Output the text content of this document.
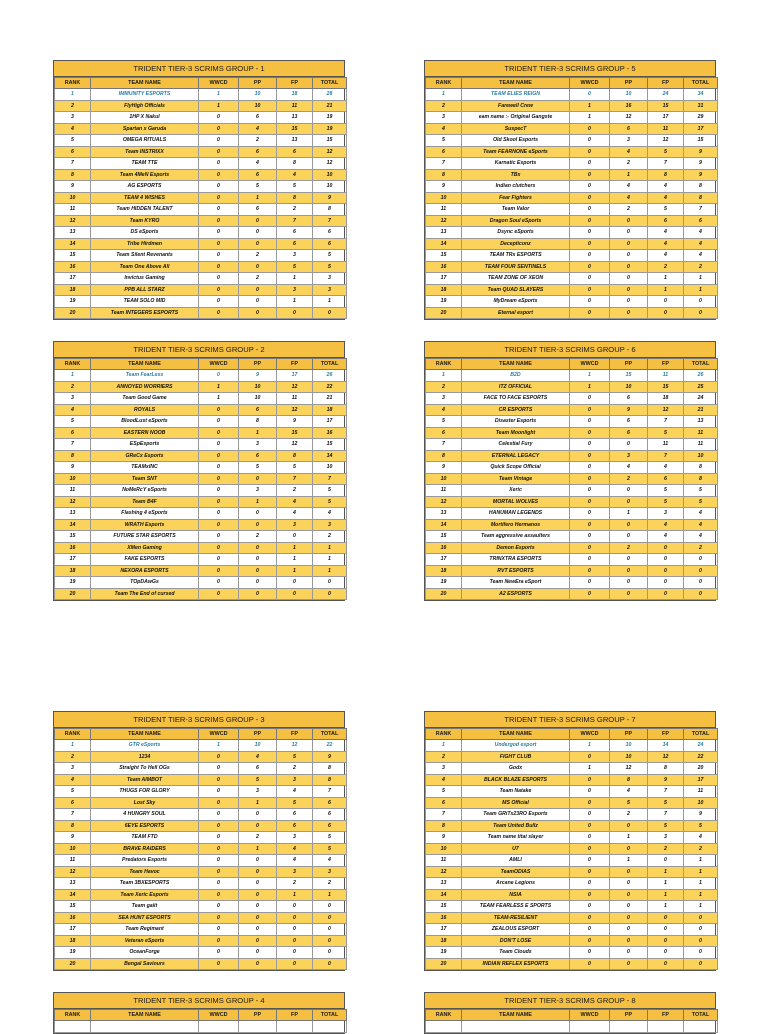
TRIDENT TIER-3 SCRIMS GROUP - 1
RANK	TEAM NAME	WWCD	PP	FP	TOTAL
1	IMMUNITY ESPORTS	1	10	18	28
2	FlyHigh Officials	1	10	11	21
3	1HP X Nakul	0	6	13	19
4	Spartan x Garuda	0	4	15	19
5	OMEGA RITUALS	0	2	13	15
6	Team INSTRIXX	0	6	6	12
7	TEAM TTE	0	4	8	12
8	Team 4MeN Esports	0	6	4	10
9	AG ESPORTS	0	5	5	10
10	TEAM 4 WISHES	0	1	8	9
11	Team HIDDEN TALENT	0	6	2	8
12	Team KYRO	0	0	7	7
13	DS eSports	0	0	6	6
14	Tribe Hirdmen	0	0	6	6
15	Team Silent Revenants	0	2	3	5
16	Team One Above All	0	0	5	5
17	Invictus Gaming	0	2	1	3
18	PPB ALL STARZ	0	0	3	3
19	TEAM SOLO MID	0	0	1	1
20	Team INTEGERS ESPORTS	0	0	0	0
TRIDENT TIER-3 SCRIMS GROUP - 5
RANK	TEAM NAME	WWCD	PP	FP	TOTAL
1	TEAM ELIES REIGN	0	10	24	34
2	Farewell Crew	1	16	15	31
3	eam name :- Original Gangste	1	12	17	29
4	SuspecT	0	6	11	17
5	Old Skool Esports	0	3	12	15
6	Team FEARNONE eSports	0	4	5	9
7	Karnatic Esports	0	2	7	9
8	TBx	0	1	8	9
9	Indian clutchers	0	4	4	8
10	Fear Fighters	0	4	4	8
11	Team Valor	0	2	5	7
12	Dragon Soul eSports	0	0	6	6
13	Dsync eSports	0	0	4	4
14	Decepticonz	0	0	4	4
15	TEAM TRx ESPORTS	0	0	4	4
16	TEAM FOUR SENTINELS	0	0	2	2
17	TEAM ZONE OF XEON	0	0	1	1
18	Team QUAD SLAYERS	0	0	1	1
19	MyDream eSports	0	0	0	0
20	Eternal esport	0	0	0	0
TRIDENT TIER-3 SCRIMS GROUP - 2
RANK	TEAM NAME	WWCD	PP	FP	TOTAL
1	Team FearLess	0	9	17	26
2	ANNOYED WORRIERS	1	10	12	22
3	Team Good Game	1	10	11	21
4	ROYALS	0	6	12	18
5	BloodLust eSports	0	8	9	17
6	EASTERN NOOB	0	1	15	16
7	ESpEsports	0	3	12	15
8	GReCx Esports	0	6	8	14
9	TEAMxINC	0	5	5	10
10	Team SNT	0	0	7	7
11	NoMeRcY eSports	0	3	2	5
12	Team B4F	0	1	4	5
13	Flashing 4 eSports	0	0	4	4
14	WRATH Esports	0	0	3	3
15	FUTURE STAR ESPORTS	0	2	0	2
16	XMen Gaming	0	0	1	1
17	FAKE ESPORTS	0	0	1	1
18	NEXORA ESPORTS	0	0	1	1
19	TOpDAwGs	0	0	0	0
20	Team The End of cursed	0	0	0	0
TRIDENT TIER-3 SCRIMS GROUP - 6
RANK	TEAM NAME	WWCD	PP	FP	TOTAL
1	B2D	1	15	11	26
2	ITZ OFFICIAL	1	10	15	25
3	FACE TO FACE ESPORTS	0	6	18	24
4	CR ESPORTS	0	9	12	21
5	Disaster Esports	0	6	7	13
6	Team Moonlight	0	6	5	11
7	Celestial Fury	0	0	11	11
8	ETERNAL LEGACY	0	3	7	10
9	Quick Scope Official	0	4	4	8
10	Team Vintage	0	2	6	8
11	Xeric	0	0	5	5
12	MORTAL WOLVES	0	0	5	5
13	HANUMAN LEGENDS	0	1	3	4
14	Mortifero Hermanos	0	0	4	4
15	Team aggressive assaulters	0	0	4	4
16	Demon Esports	0	2	0	2
17	TRINXTRA ESPORTS	0	0	0	0
18	RVT ESPORTS	0	0	0	0
19	Team NewEra eSport	0	0	0	0
20	A2 ESPORTS	0	0	0	0
TRIDENT TIER-3 SCRIMS GROUP - 3
RANK	TEAM NAME	WWCD	PP	FP	TOTAL
1	GTR eSports	1	10	12	22
2	1234	0	4	5	9
3	Straight To Hell OGs	0	6	2	8
4	Team AIMBOT	0	5	3	8
5	THUGS FOR GLORY	0	3	4	7
6	Lost Sky	0	1	5	6
7	4 HUNGRY SOUL	0	0	6	6
8	6EYE ESPORTS	0	0	6	6
9	TEAM FTD	0	2	3	5
10	BRAVE RAIDERS	0	1	4	5
11	Predators Esports	0	0	4	4
12	Team Havoc	0	0	3	3
13	Team 3BXESPORTS	0	0	2	2
14	Team Xeric Esports	0	0	1	1
15	Team gaiit	0	0	0	0
16	SEA HUNT ESPORTS	0	0	0	0
17	Team Regimant	0	0	0	0
18	Veteran eSports	0	0	0	0
19	OceanForge	0	0	0	0
20	Bengal Saviours	0	0	0	0
TRIDENT TIER-3 SCRIMS GROUP - 7
RANK	TEAM NAME	WWCD	PP	FP	TOTAL
1	Undergod esport	1	10	14	24
2	FIGHT CLUB	0	10	12	22
3	Godx	1	12	8	20
4	BLACK BLAZE ESPORTS	0	8	9	17
5	Team Natake	0	4	7	11
6	MS Official	0	5	5	10
7	Team GRiTx23RO Esports	0	2	7	9
8	Team United Bullz	0	0	5	5
9	Team name titai slayer	0	1	3	4
10	U7	0	0	2	2
11	AMLI	0	1	0	1
12	TeamODIAS	0	0	1	1
13	Arcane Legions	0	0	1	1
14	NSIA	0	0	1	1
15	TEAM FEARLESS E SPORTS	0	0	1	1
16	TEAM-RESILIENT	0	0	0	0
17	ZEALOUS ESPORT	0	0	0	0
18	DON'T LOSE	0	0	0	0
19	Team Clouds	0	0	0	0
20	INDIAN REFLEX ESPORTS	0	0	0	0
TRIDENT TIER-3 SCRIMS GROUP - 4
RANK	TEAM NAME	WWCD	PP	FP	TOTAL

TRIDENT TIER-3 SCRIMS GROUP - 8
RANK	TEAM NAME	WWCD	PP	FP	TOTAL
